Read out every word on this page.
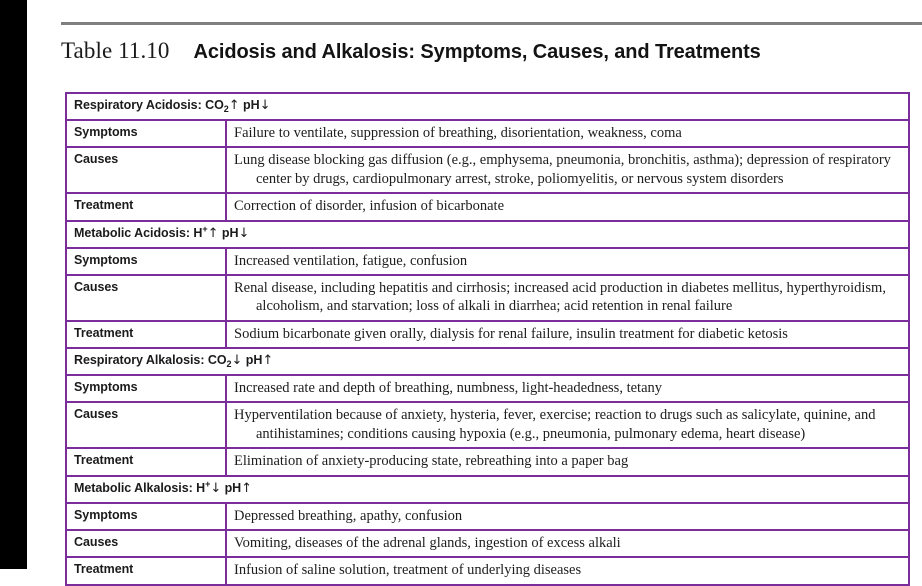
Table 11.10 Acidosis and Alkalosis: Symptoms, Causes, and Treatments
Respiratory Acidosis: $CO_2↑$ pH↓	
Symptoms	Failure to ventilate, suppression of breathing, disorientation, weakness, coma

Causes	Lung disease blocking gas diffusion (e.g., emphysema, pneumonia, bronchitis, asthma); depression of respiratory center by drugs, cardiopulmonary arrest, stroke, poliomyelitis, or nervous system disorders

Treatment	Correction of disorder, infusion of bicarbonate

Metabolic Acidosis: H+↑ pH↓	
Symptoms	Increased ventilation, fatigue, confusion

Causes	Renal disease, including hepatitis and cirrhosis; increased acid production in diabetes mellitus, hyperthyroidism, alcoholism, and starvation; loss of alkali in diarrhea; acid retention in renal failure

Treatment	Sodium bicarbonate given orally, dialysis for renal failure, insulin treatment for diabetic ketosis

Respiratory Alkalosis: $CO_2↓$ pH↑	
Symptoms	Increased rate and depth of breathing, numbness, light-headedness, tetany

Causes	Hyperventilation because of anxiety, hysteria, fever, exercise; reaction to drugs such as salicylate, quinine, and antihistamines; conditions causing hypoxia (e.g., pneumonia, pulmonary edema, heart disease)

Treatment	Elimination of anxiety-producing state, rebreathing into a paper bag

Metabolic Alkalosis: H+↓ pH↑	
Symptoms	Depressed breathing, apathy, confusion

Causes	Vomiting, diseases of the adrenal glands, ingestion of excess alkali

Treatment	Infusion of saline solution, treatment of underlying diseases
